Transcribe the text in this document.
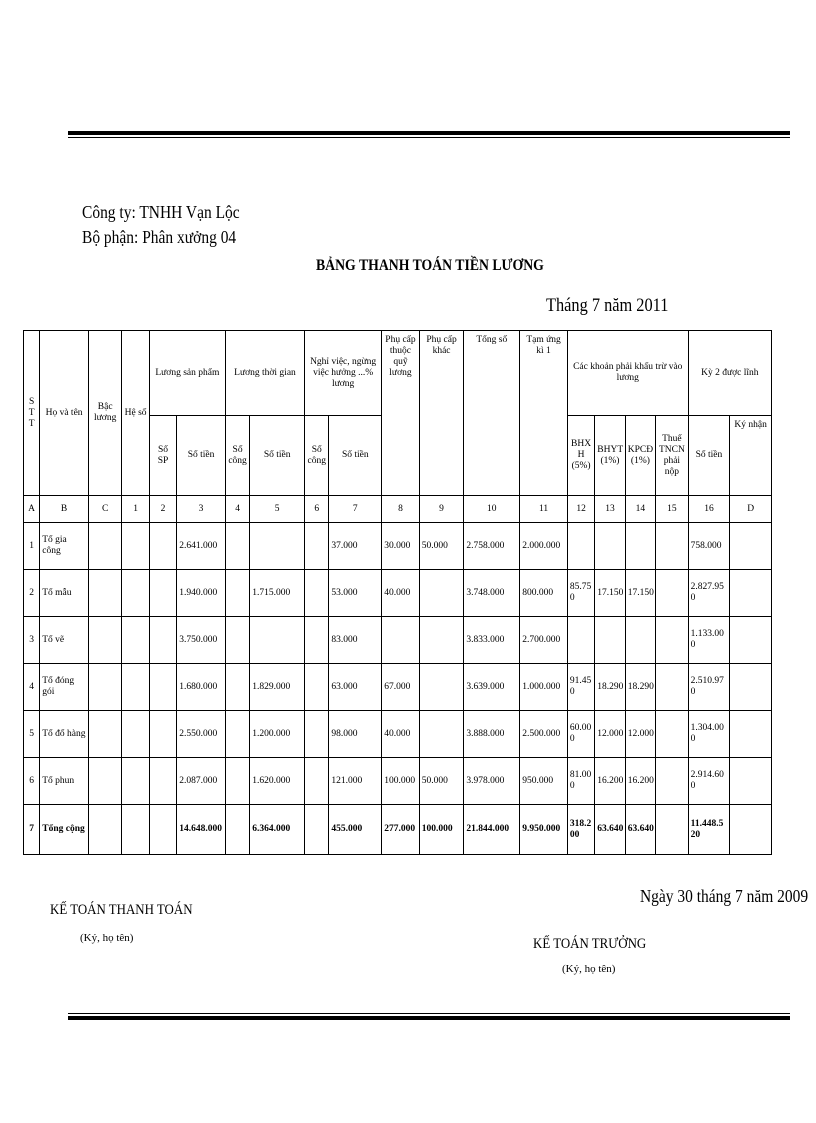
Công ty: TNHH Vạn Lộc
Bộ phận: Phân xưởng 04
BẢNG THANH TOÁN TIỀN LƯƠNG
Tháng 7 năm 2011
S T T	Họ và tên	Bậc lương	Hệ số	Lương sản phẩm		Lương thời gian		Nghỉ việc, ngừng việc hưởng ...% lương		Phụ cấp thuộc quỹ lương	Phụ cấp khác	Tổng số	Tạm ứng kì 1	Các khoản phải khấu trừ vào lương				Kỳ 2 được lĩnh	
				Số SP	Số tiền	Số công	Số tiền	Số công	Số tiền					BHX H (5%)	BHYT (1%)	KPCĐ (1%)	Thuế TNCN phải nộp	Số tiền	Ký nhận
A	B	C	1	2	3	4	5	6	7	8	9	10	11	12	13	14	15	16	D
1	Tổ gia công				2.641.000				37.000	30.000	50.000	2.758.000	2.000.000					758.000	
2	Tổ mẫu				1.940.000		1.715.000		53.000	40.000		3.748.000	800.000	85.750	17.150	17.150		2.827.950	
3	Tổ vẽ				3.750.000				83.000			3.833.000	2.700.000					1.133.000	
4	Tổ đóng gói				1.680.000		1.829.000		63.000	67.000		3.639.000	1.000.000	91.450	18.290	18.290		2.510.970	
5	Tổ đổ hàng				2.550.000		1.200.000		98.000	40.000		3.888.000	2.500.000	60.000	12.000	12.000		1.304.000	
6	Tổ phun				2.087.000		1.620.000		121.000	100.000	50.000	3.978.000	950.000	81.000	16.200	16.200		2.914.600	
7	Tổng cộng				14.648.000		6.364.000		455.000	277.000	100.000	21.844.000	9.950.000	318.200	63.640	63.640		11.448.520	
Ngày 30 tháng 7 năm 2009
KẾ TOÁN THANH TOÁN
(Ký, họ tên)	KẾ TOÁN TRƯỞNG
(Ký, họ tên)
